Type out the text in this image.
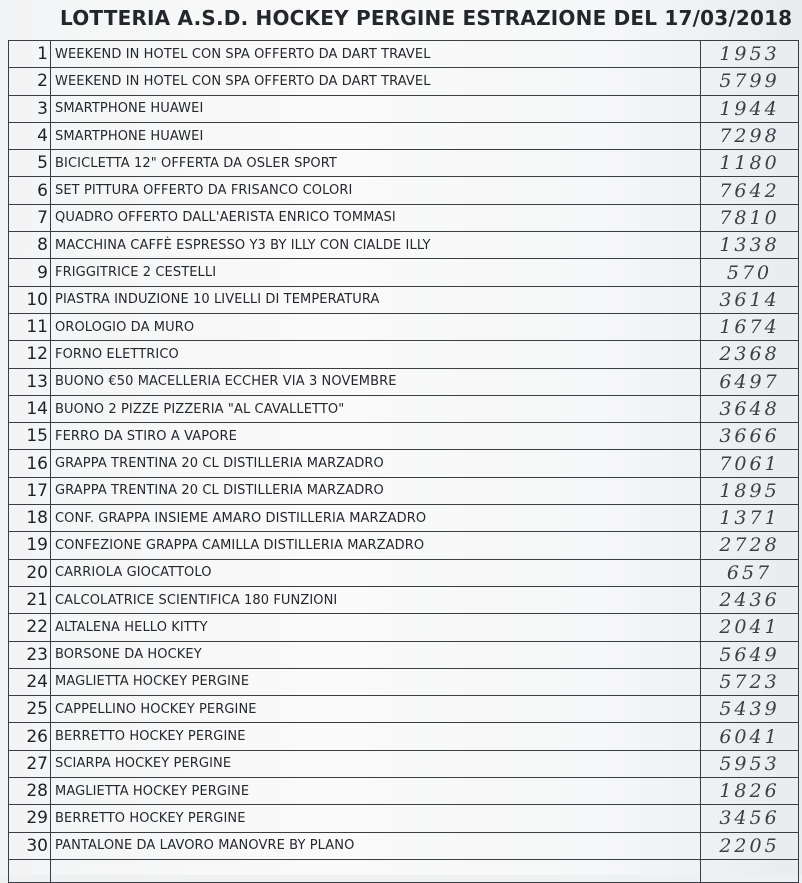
LOTTERIA A.S.D. HOCKEY PERGINE ESTRAZIONE DEL 17/03/2018
1	WEEKEND IN HOTEL CON SPA OFFERTO DA DART TRAVEL	1953
2	WEEKEND IN HOTEL CON SPA OFFERTO DA DART TRAVEL	5799
3	SMARTPHONE HUAWEI	1944
4	SMARTPHONE HUAWEI	7298
5	BICICLETTA 12" OFFERTA DA OSLER SPORT	1180
6	SET PITTURA OFFERTO DA FRISANCO COLORI	7642
7	QUADRO OFFERTO DALL'AERISTA ENRICO TOMMASI	7810
8	MACCHINA CAFFÈ ESPRESSO Y3 BY ILLY CON CIALDE ILLY	1338
9	FRIGGITRICE 2 CESTELLI	570
10	PIASTRA INDUZIONE 10 LIVELLI DI TEMPERATURA	3614
11	OROLOGIO DA MURO	1674
12	FORNO ELETTRICO	2368
13	BUONO €50 MACELLERIA ECCHER VIA 3 NOVEMBRE	6497
14	BUONO 2 PIZZE PIZZERIA "AL CAVALLETTO"	3648
15	FERRO DA STIRO A VAPORE	3666
16	GRAPPA TRENTINA 20 CL DISTILLERIA MARZADRO	7061
17	GRAPPA TRENTINA 20 CL DISTILLERIA MARZADRO	1895
18	CONF. GRAPPA INSIEME AMARO DISTILLERIA MARZADRO	1371
19	CONFEZIONE GRAPPA CAMILLA DISTILLERIA MARZADRO	2728
20	CARRIOLA GIOCATTOLO	657
21	CALCOLATRICE SCIENTIFICA 180 FUNZIONI	2436
22	ALTALENA HELLO KITTY	2041
23	BORSONE DA HOCKEY	5649
24	MAGLIETTA HOCKEY PERGINE	5723
25	CAPPELLINO HOCKEY PERGINE	5439
26	BERRETTO HOCKEY PERGINE	6041
27	SCIARPA HOCKEY PERGINE	5953
28	MAGLIETTA HOCKEY PERGINE	1826
29	BERRETTO HOCKEY PERGINE	3456
30	PANTALONE DA LAVORO MANOVRE BY PLANO	2205
